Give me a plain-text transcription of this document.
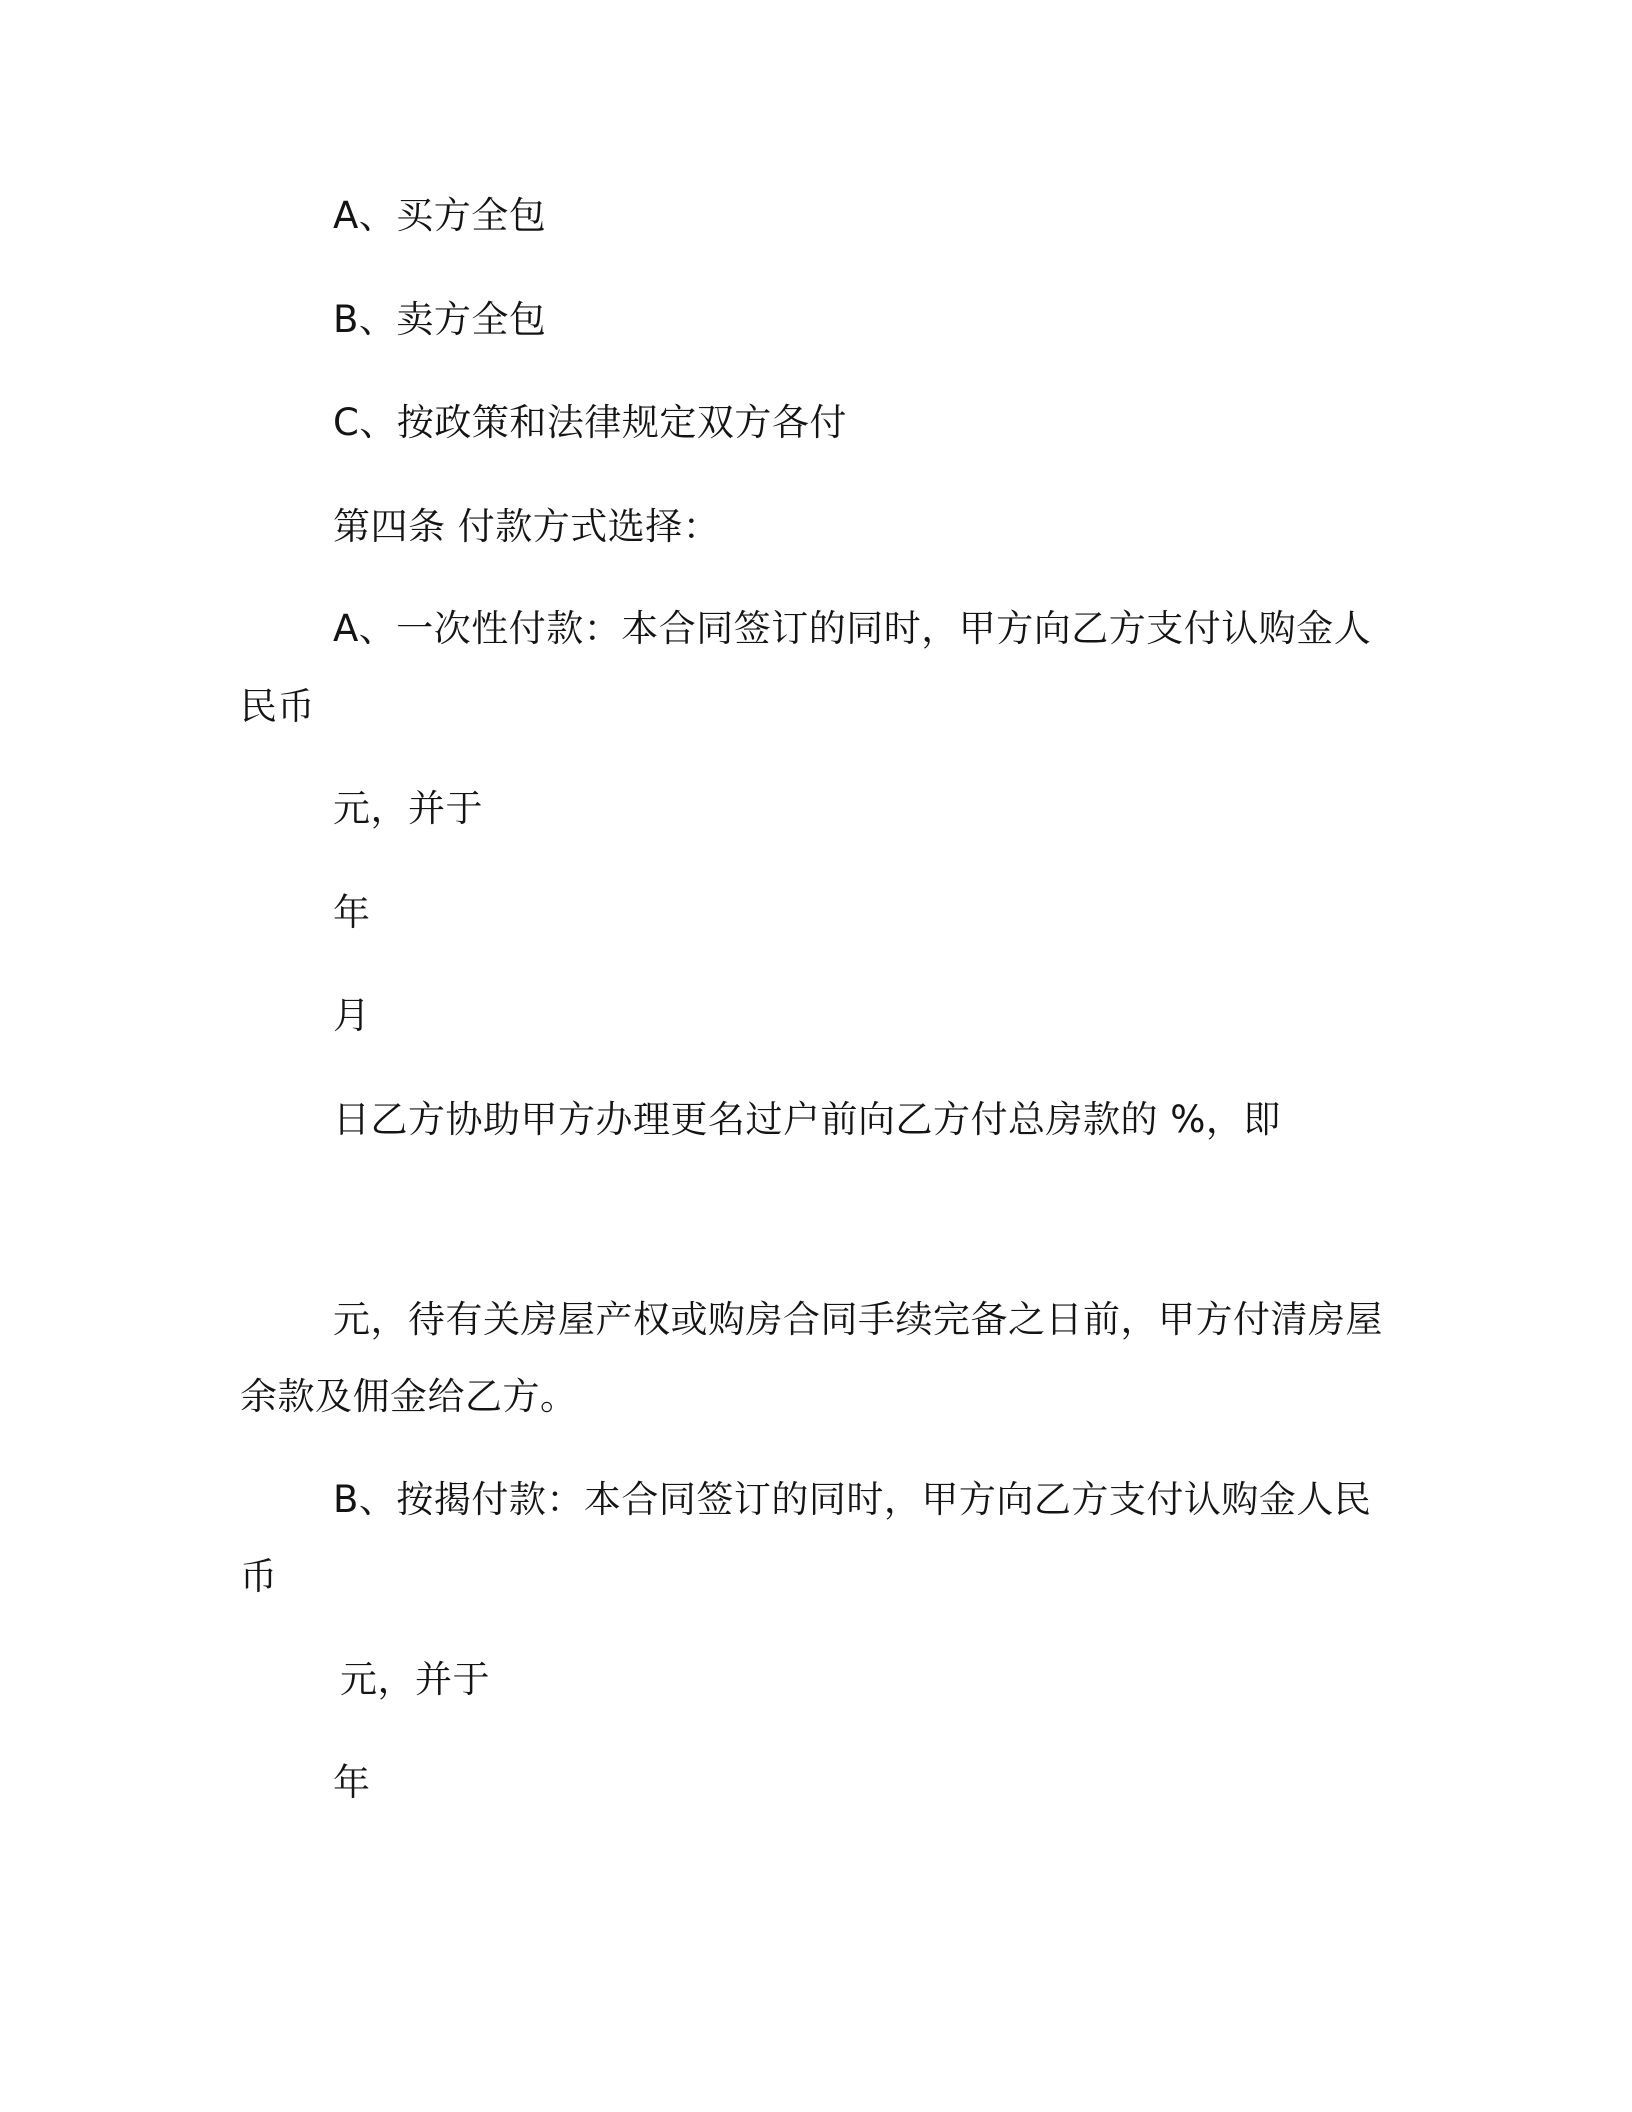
A、买方全包
B、卖方全包
C、按政策和法律规定双方各付
第四条 付款方式选择：
A、一次性付款：本合同签订的同时，甲方向乙方支付认购金人
民币
元，并于
年
月
日乙方协助甲方办理更名过户前向乙方付总房款的 %，即
元，待有关房屋产权或购房合同手续完备之日前，甲方付清房屋
余款及佣金给乙方。
B、按揭付款：本合同签订的同时，甲方向乙方支付认购金人民
币
元，并于
年
